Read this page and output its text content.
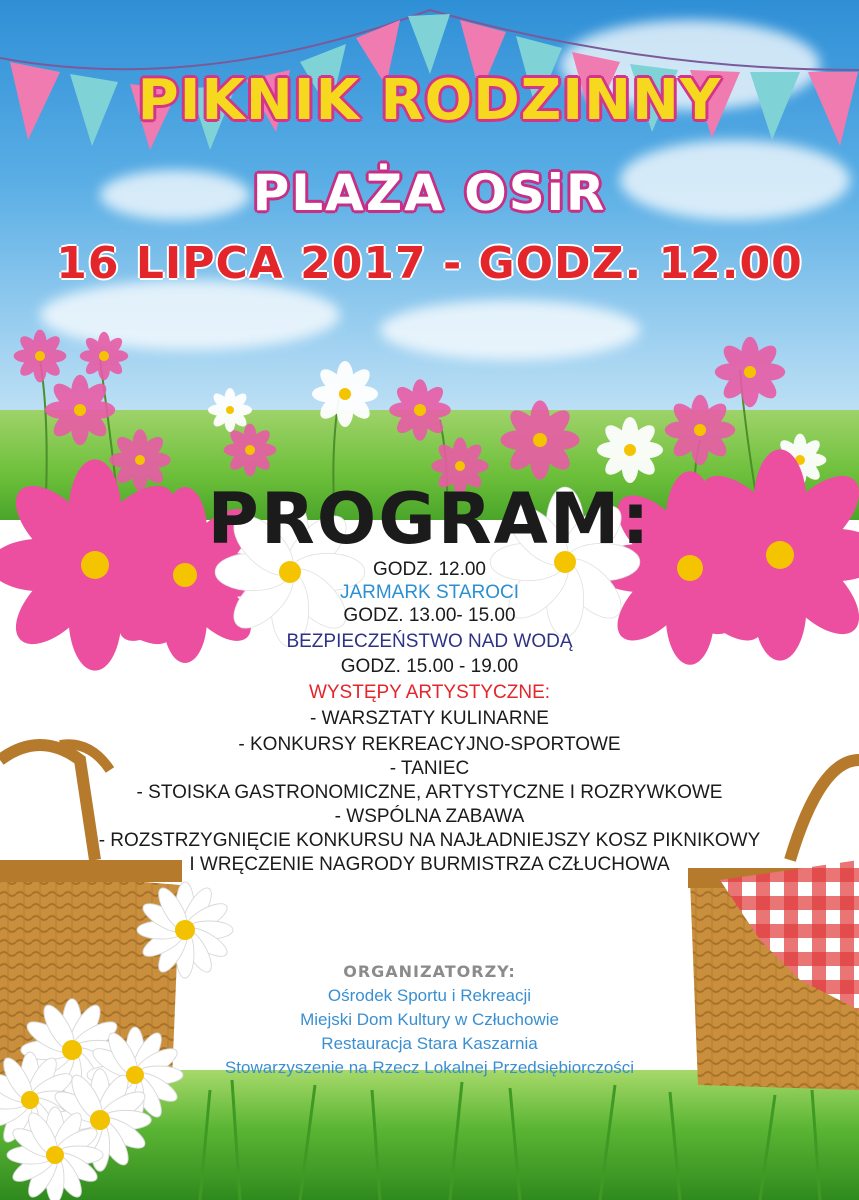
PIKNIK RODZINNY
PLAŻA OSiR
16 LIPCA 2017 - GODZ. 12.00
PROGRAM:

GODZ. 12.00

JARMARK STAROCI

GODZ. 13.00- 15.00

BEZPIECZEŃSTWO NAD WODĄ

GODZ. 15.00 - 19.00

WYSTĘPY ARTYSTYCZNE:

- WARSZTATY KULINARNE

- KONKURSY REKREACYJNO-SPORTOWE

- TANIEC

- STOISKA GASTRONOMICZNE, ARTYSTYCZNE I ROZRYWKOWE

- WSPÓLNA ZABAWA

- ROZSTRZYGNIĘCIE KONKURSU NA NAJŁADNIEJSZY KOSZ PIKNIKOWY

I WRĘCZENIE NAGRODY BURMISTRZA CZŁUCHOWA

ORGANIZATORZY:

Ośrodek Sportu i Rekreacji

Miejski Dom Kultury w Człuchowie

Restauracja Stara Kaszarnia

Stowarzyszenie na Rzecz Lokalnej Przedsiębiorczości
